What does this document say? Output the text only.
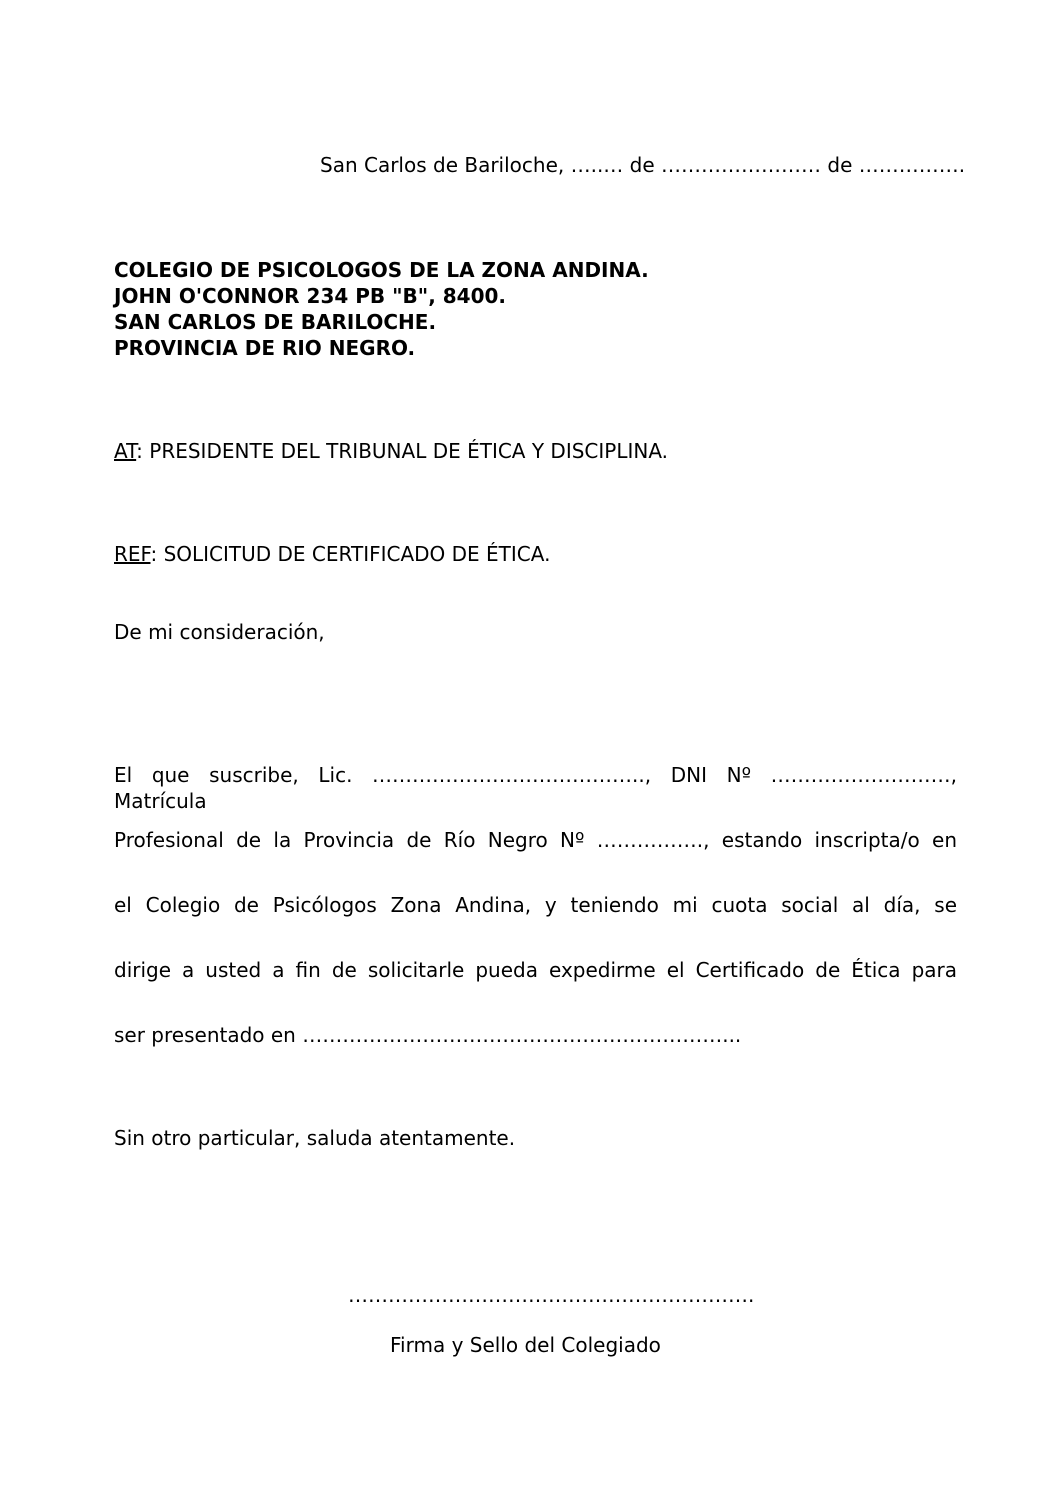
San Carlos de Bariloche, …..… de …………………… de …………….
COLEGIO DE PSICOLOGOS DE LA ZONA ANDINA.
JOHN O'CONNOR 234 PB "B", 8400.
SAN CARLOS DE BARILOCHE.
PROVINCIA DE RIO NEGRO.
AT: PRESIDENTE DEL TRIBUNAL DE ÉTICA Y DISCIPLINA.
REF: SOLICITUD DE CERTIFICADO DE ÉTICA.
De mi consideración,
El que suscribe, Lic. ………………………………….., DNI Nº ………………………, Matrícula
Profesional de la Provincia de Río Negro Nº ……………., estando inscripta/o en
el Colegio de Psicólogos Zona Andina, y teniendo mi cuota social al día, se
dirige a usted a fin de solicitarle pueda expedirme el Certificado de Ética para
ser presentado en ………………………………………………………...
Sin otro particular, saluda atentamente.
…………………………………………………….
Firma y Sello del Colegiado
